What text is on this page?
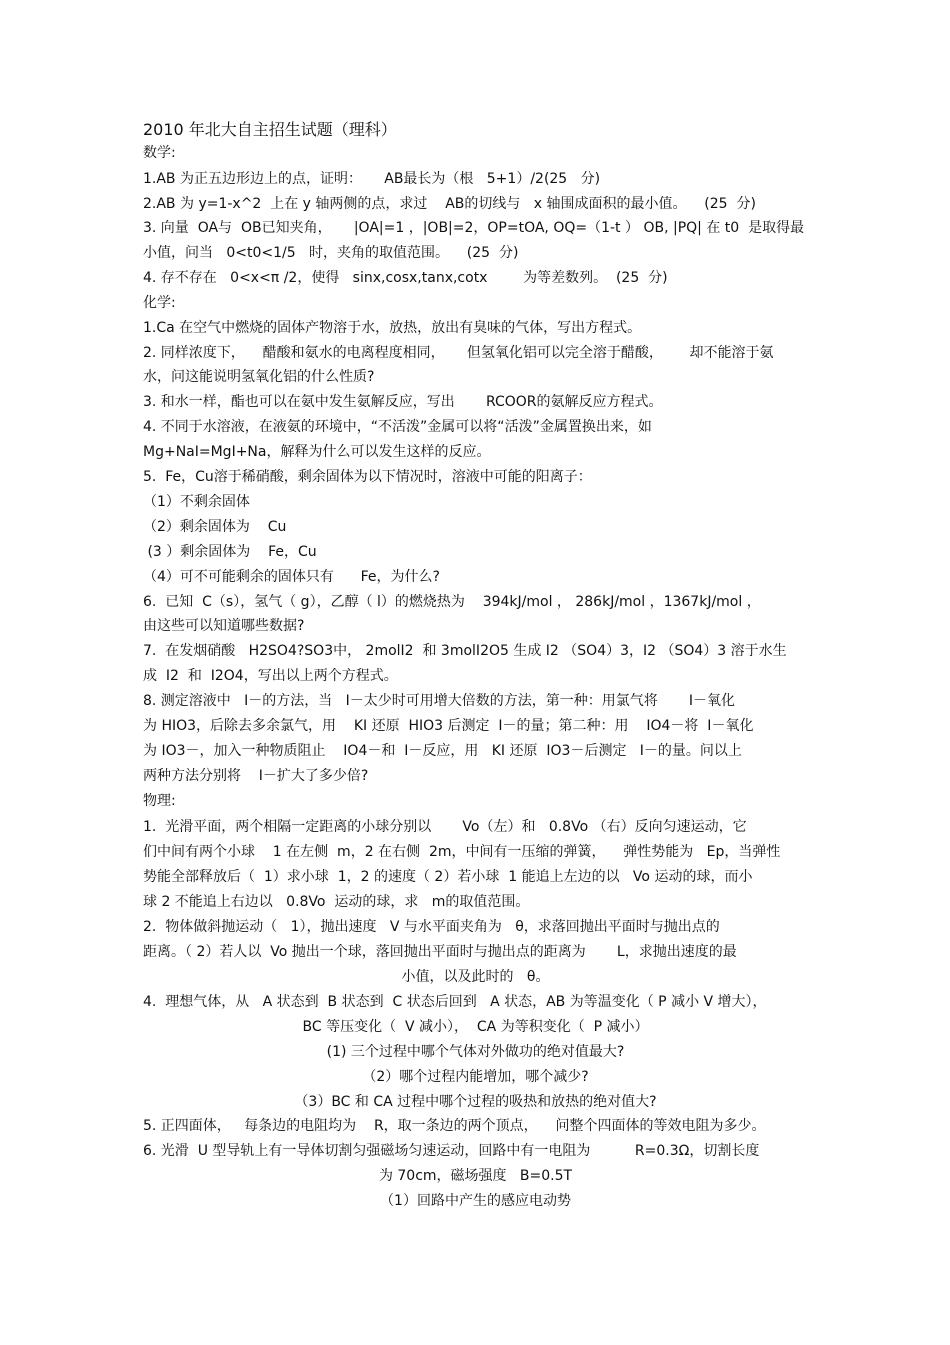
2010 年北大自主招生试题（理科）
数学:
1.AB 为正五边形边上的点，证明：     AB最长为（根   5+1）/2(25   分)
2.AB 为 y=1-x^2  上在 y 轴两侧的点，求过    AB的切线与   x 轴围成面积的最小值。    (25  分)
3. 向量  OA与  OB已知夹角，     |OA|=1 ，|OB|=2，OP=tOA, OQ=（1-t ） OB, |PQ| 在 t0  是取得最
小值，问当   0<t0<1/5   时，夹角的取值范围。    (25  分)
4. 存不存在   0<x<π /2，使得   sinx,cosx,tanx,cotx        为等差数列。  (25  分)
化学:
1.Ca 在空气中燃烧的固体产物溶于水，放热，放出有臭味的气体，写出方程式。
2. 同样浓度下，    醋酸和氨水的电离程度相同，     但氢氧化铝可以完全溶于醋酸，      却不能溶于氨
水，问这能说明氢氧化铝的什么性质?
3. 和水一样，酯也可以在氨中发生氨解反应，写出       RCOOR的氨解反应方程式。
4. 不同于水溶液，在液氨的环境中，“不活泼”金属可以将“活泼”金属置换出来，如
Mg+NaI=MgI+Na，解释为什么可以发生这样的反应。
5.  Fe，Cu溶于稀硝酸，剩余固体为以下情况时，溶液中可能的阳离子：
（1）不剩余固体
（2）剩余固体为    Cu
(3 ）剩余固体为    Fe，Cu
（4）可不可能剩余的固体只有      Fe，为什么?
6.  已知  C（s），氢气（ g），乙醇（ l）的燃烧热为    394kJ/mol ， 286kJ/mol ，1367kJ/mol ，
由这些可以知道哪些数据?
7.  在发烟硝酸   H2SO4?SO3中， 2molI2  和 3molI2O5 生成 I2 （SO4）3，I2 （SO4）3 溶于水生
成  I2  和  I2O4，写出以上两个方程式。
8. 测定溶液中   I－的方法，当   I－太少时可用增大倍数的方法，第一种：用氯气将       I－氧化
为 HIO3，后除去多余氯气，用    KI 还原  HIO3 后测定  I－的量；第二种：用    IO4－将  I－氧化
为 IO3－，加入一种物质阻止    IO4－和  I－反应，用   KI 还原  IO3－后测定   I－的量。问以上
两种方法分别将    I－扩大了多少倍?
物理:
1.  光滑平面，两个相隔一定距离的小球分别以       Vo（左）和   0.8Vo （右）反向匀速运动，它
们中间有两个小球    1 在左侧  m，2 在右侧  2m，中间有一压缩的弹簧，    弹性势能为   Ep，当弹性
势能全部释放后（  1）求小球  1，2 的速度（ 2）若小球  1 能追上左边的以   Vo 运动的球，而小
球 2 不能追上右边以   0.8Vo  运动的球，求   m的取值范围。
2.  物体做斜抛运动（   1），抛出速度   V 与水平面夹角为   θ，求落回抛出平面时与抛出点的
距离。（ 2）若人以  Vo 抛出一个球，落回抛出平面时与抛出点的距离为       L，求抛出速度的最
小值，以及此时的   θ。
4.  理想气体，从   A 状态到  B 状态到  C 状态后回到   A 状态，AB 为等温变化（ P 减小 V 增大），
BC 等压变化（  V 减小），  CA 为等积变化（  P 减小）
(1) 三个过程中哪个气体对外做功的绝对值最大?
（2）哪个过程内能增加，哪个减少?
（3）BC 和 CA 过程中哪个过程的吸热和放热的绝对值大?
5. 正四面体，   每条边的电阻均为    R，取一条边的两个顶点，    问整个四面体的等效电阻为多少。
6. 光滑  U 型导轨上有一导体切割匀强磁场匀速运动，回路中有一电阻为          R=0.3Ω，切割长度
为 70cm，磁场强度   B=0.5T
（1）回路中产生的感应电动势
